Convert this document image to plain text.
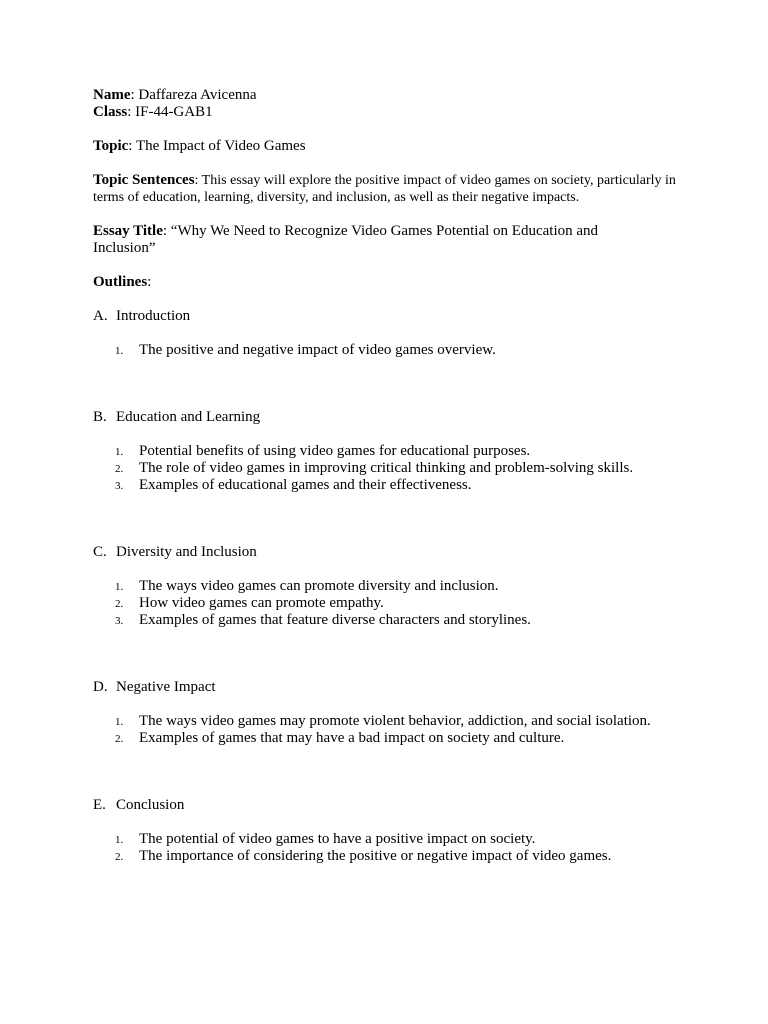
Name: Daffareza Avicenna
Class: IF-44-GAB1
Topic: The Impact of Video Games
Topic Sentences: This essay will explore the positive impact of video games on society, particularly in terms of education, learning, diversity, and inclusion, as well as their negative impacts.
Essay Title: “Why We Need to Recognize Video Games Potential on Education and Inclusion”
Outlines:
A. Introduction
1. The positive and negative impact of video games overview.
B. Education and Learning
1. Potential benefits of using video games for educational purposes.
2. The role of video games in improving critical thinking and problem-solving skills.
3. Examples of educational games and their effectiveness.
C. Diversity and Inclusion
1. The ways video games can promote diversity and inclusion.
2. How video games can promote empathy.
3. Examples of games that feature diverse characters and storylines.
D. Negative Impact
1. The ways video games may promote violent behavior, addiction, and social isolation.
2. Examples of games that may have a bad impact on society and culture.
E. Conclusion
1. The potential of video games to have a positive impact on society.
2. The importance of considering the positive or negative impact of video games.
